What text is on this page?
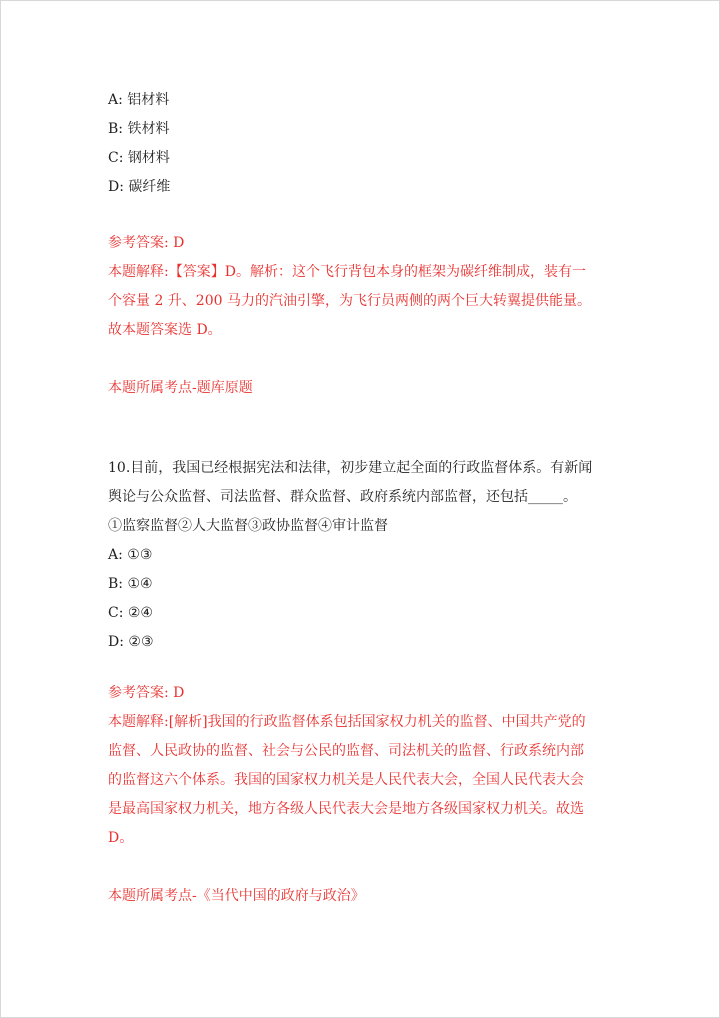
A: 铝材料
B: 铁材料
C: 钢材料
D: 碳纤维
参考答案: D
本题解释:【答案】D。解析：这个飞行背包本身的框架为碳纤维制成，装有一
个容量 2 升、200 马力的汽油引擎，为飞行员两侧的两个巨大转翼提供能量。
故本题答案选 D。
本题所属考点-题库原题
10.目前，我国已经根据宪法和法律，初步建立起全面的行政监督体系。有新闻
舆论与公众监督、司法监督、群众监督、政府系统内部监督，还包括_____。
①监察监督②人大监督③政协监督④审计监督
A: ①③
B: ①④
C: ②④
D: ②③
参考答案: D
本题解释:[解析]我国的行政监督体系包括国家权力机关的监督、中国共产党的
监督、人民政协的监督、社会与公民的监督、司法机关的监督、行政系统内部
的监督这六个体系。我国的国家权力机关是人民代表大会，全国人民代表大会
是最高国家权力机关，地方各级人民代表大会是地方各级国家权力机关。故选
D。
本题所属考点-《当代中国的政府与政治》
